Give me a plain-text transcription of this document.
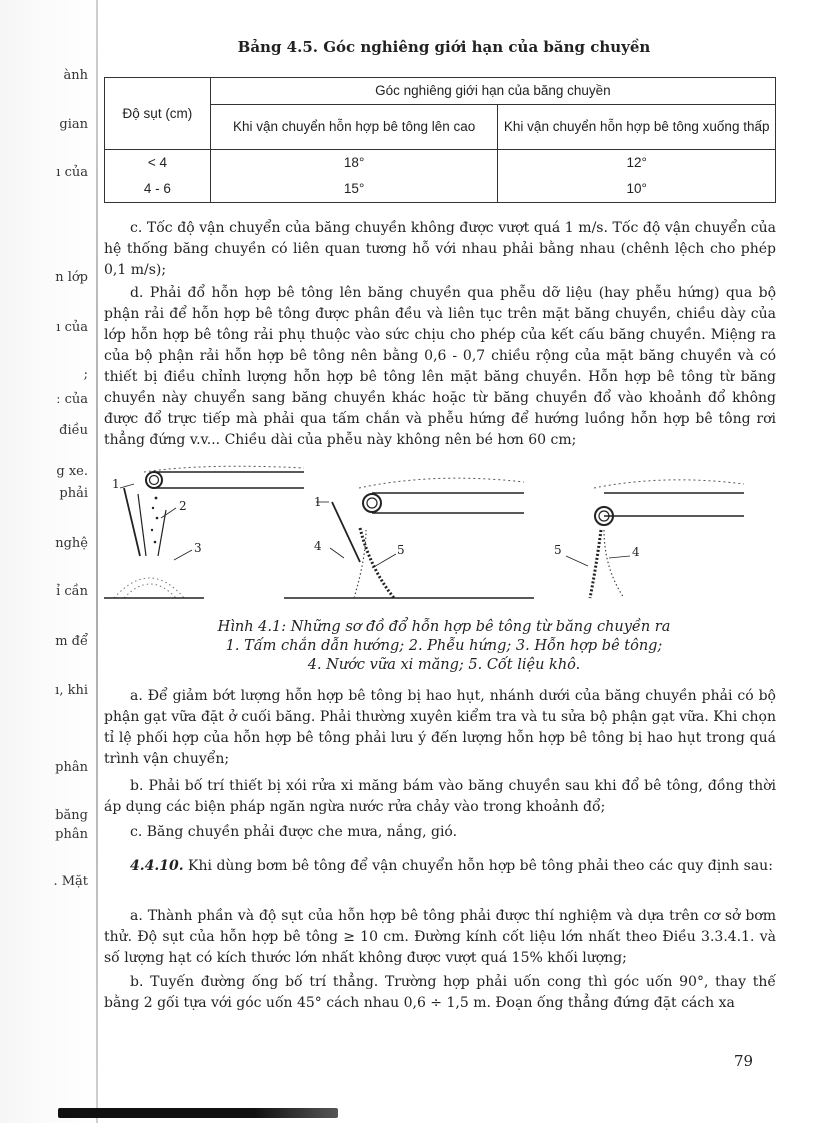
ành
gian
ı của
n lớp
ı của
;
ː của
điều
g xe.
phải
nghệ
ỉ cần
m để
ı, khi
phân
băng
phân
. Mặt
Bảng 4.5. Góc nghiêng giới hạn của băng chuyền
Độ sụt (cm)	Góc nghiêng giới hạn của băng chuyền	
	Khi vận chuyển hỗn hợp bê tông lên cao	Khi vận chuyển hỗn hợp bê tông xuống thấp
< 4	18°	12°
4 - 6	15°	10°
c. Tốc độ vận chuyển của băng chuyền không được vượt quá 1 m/s. Tốc độ vận chuyển của hệ thống băng chuyền có liên quan tương hỗ với nhau phải bằng nhau (chênh lệch cho phép 0,1 m/s);
d. Phải đổ hỗn hợp bê tông lên băng chuyền qua phễu dỡ liệu (hay phễu hứng) qua bộ phận rải để hỗn hợp bê tông được phân đều và liên tục trên mặt băng chuyền, chiều dày của lớp hỗn hợp bê tông rải phụ thuộc vào sức chịu cho phép của kết cấu băng chuyền. Miệng ra của bộ phận rải hỗn hợp bê tông nên bằng 0,6 - 0,7 chiều rộng của mặt băng chuyền và có thiết bị điều chỉnh lượng hỗn hợp bê tông lên mặt băng chuyền. Hỗn hợp bê tông từ băng chuyền này chuyển sang băng chuyền khác hoặc từ băng chuyền đổ vào khoảnh đổ không được đổ trực tiếp mà phải qua tấm chắn và phễu hứng để hướng luồng hỗn hợp bê tông rơi thẳng đứng v.v... Chiều dài của phễu này không nên bé hơn 60 cm;
1
2
3
1
4	5	5	4
Hình 4.1: Những sơ đồ đổ hỗn hợp bê tông từ băng chuyền ra
1. Tấm chắn dẫn hướng; 2. Phễu hứng; 3. Hỗn hợp bê tông;
4. Nước vữa xi măng; 5. Cốt liệu khô.
a. Để giảm bớt lượng hỗn hợp bê tông bị hao hụt, nhánh dưới của băng chuyền phải có bộ phận gạt vữa đặt ở cuối băng. Phải thường xuyên kiểm tra và tu sửa bộ phận gạt vữa. Khi chọn tỉ lệ phối hợp của hỗn hợp bê tông phải lưu ý đến lượng hỗn hợp bê tông bị hao hụt trong quá trình vận chuyển;
b. Phải bố trí thiết bị xói rửa xi măng bám vào băng chuyền sau khi đổ bê tông, đồng thời áp dụng các biện pháp ngăn ngừa nước rửa chảy vào trong khoảnh đổ;
c. Băng chuyền phải được che mưa, nắng, gió.
4.4.10. Khi dùng bơm bê tông để vận chuyển hỗn hợp bê tông phải theo các quy định sau:
a. Thành phần và độ sụt của hỗn hợp bê tông phải được thí nghiệm và dựa trên cơ sở bơm thử. Độ sụt của hỗn hợp bê tông ≥ 10 cm. Đường kính cốt liệu lớn nhất theo Điều 3.3.4.1. và số lượng hạt có kích thước lớn nhất không được vượt quá 15% khối lượng;
b. Tuyến đường ống bố trí thẳng. Trường hợp phải uốn cong thì góc uốn 90°, thay thế bằng 2 gối tựa với góc uốn 45° cách nhau 0,6 ÷ 1,5 m. Đoạn ống thẳng đứng đặt cách xa
79
